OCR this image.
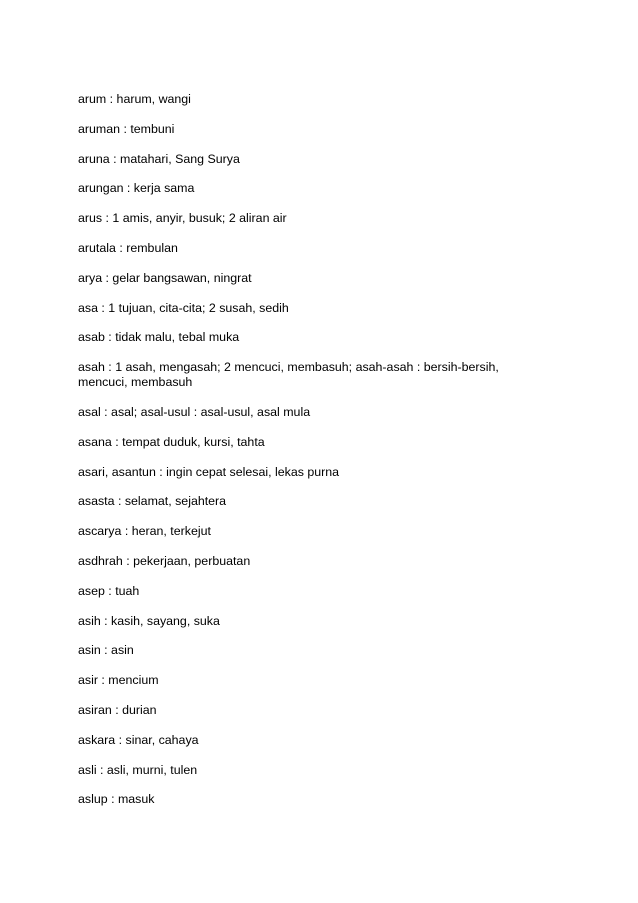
arum : harum, wangi
aruman : tembuni
aruna : matahari, Sang Surya
arungan : kerja sama
arus : 1 amis, anyir, busuk; 2 aliran air
arutala : rembulan
arya : gelar bangsawan, ningrat
asa : 1 tujuan, cita-cita; 2 susah, sedih
asab : tidak malu, tebal muka
asah : 1 asah, mengasah; 2 mencuci, membasuh; asah-asah : bersih-bersih, mencuci, membasuh
asal : asal; asal-usul : asal-usul, asal mula
asana : tempat duduk, kursi, tahta
asari, asantun : ingin cepat selesai, lekas purna
asasta : selamat, sejahtera
ascarya : heran, terkejut
asdhrah : pekerjaan, perbuatan
asep : tuah
asih : kasih, sayang, suka
asin : asin
asir : mencium
asiran : durian
askara : sinar, cahaya
asli : asli, murni, tulen
aslup : masuk
